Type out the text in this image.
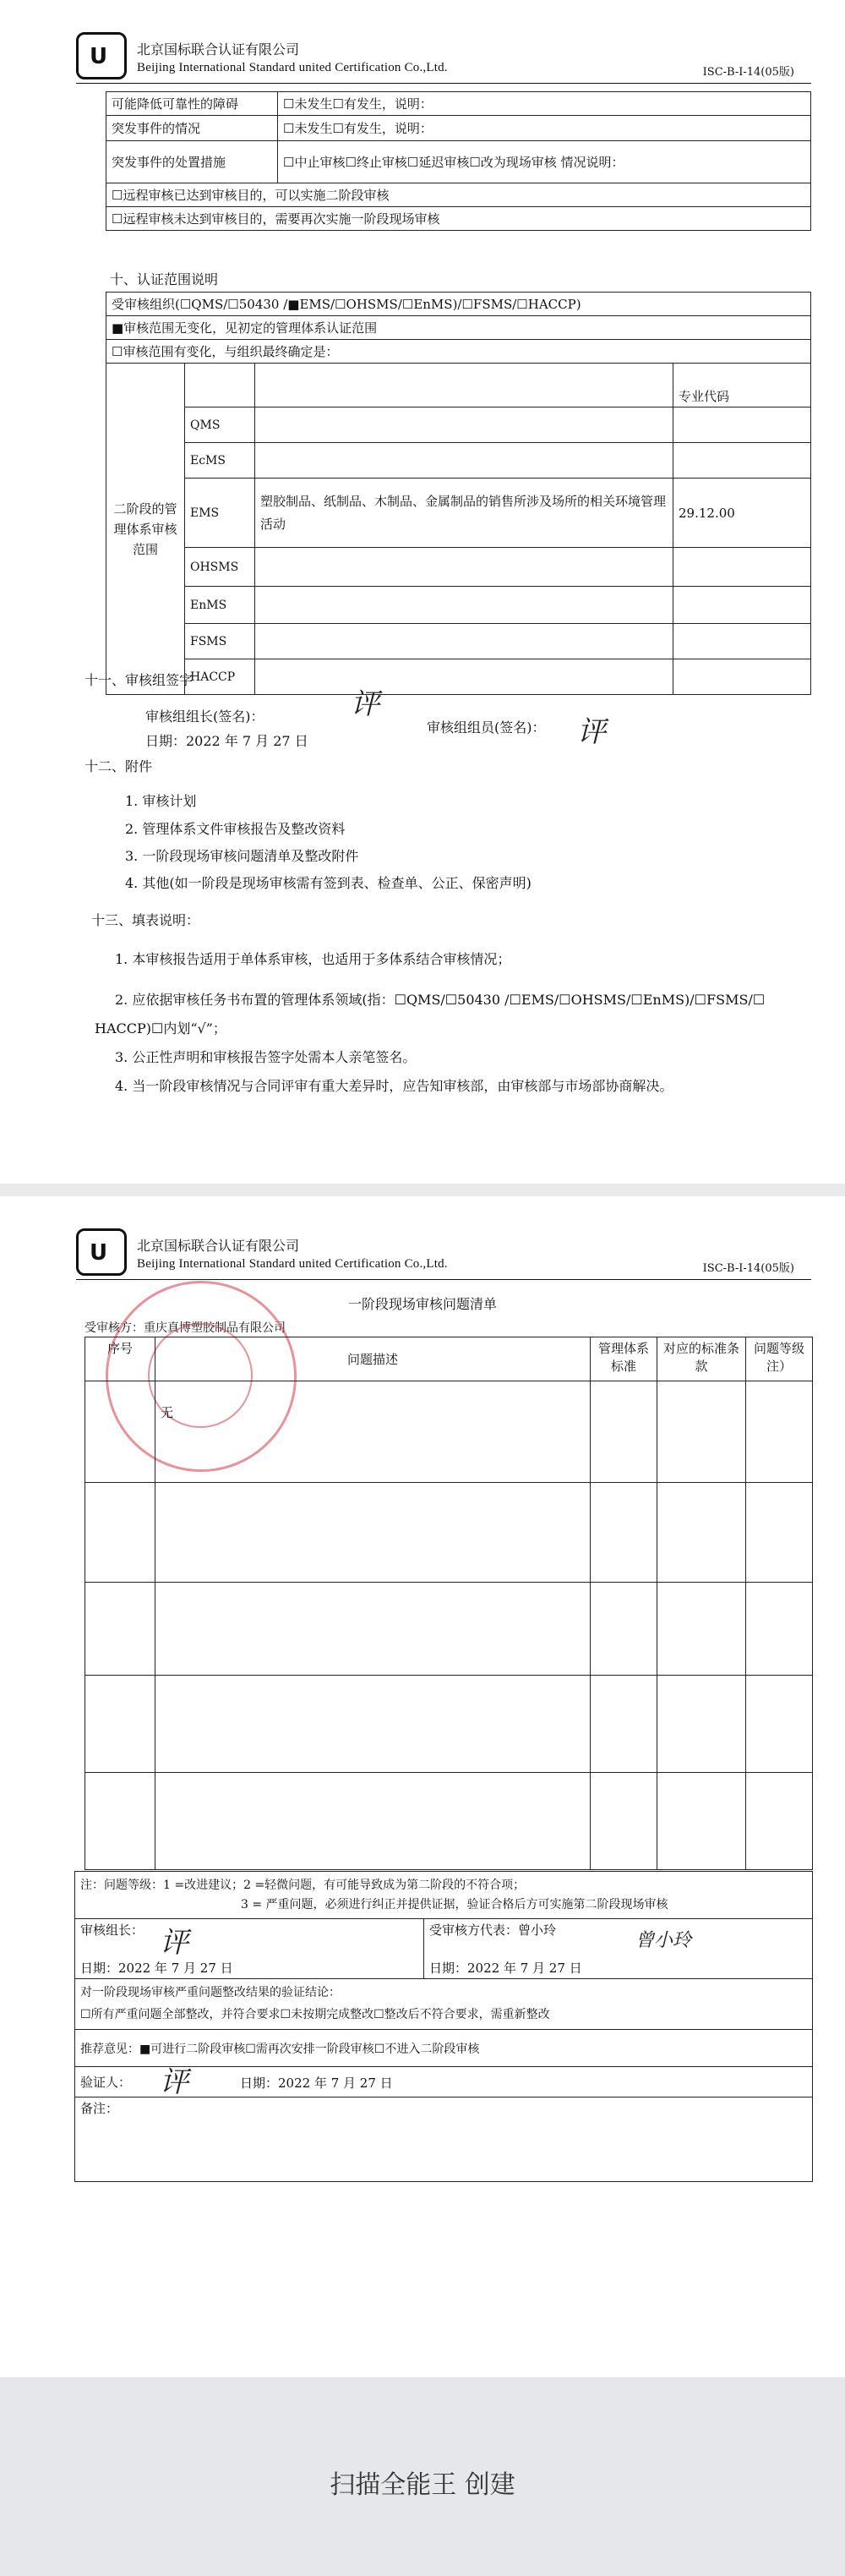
U 北京国标联合认证有限公司
Beijing International Standard united Certification Co.,Ltd.	ISC-B-I-14(05版)
可能降低可靠性的障碍	☐未发生☐有发生，说明：
突发事件的情况	☐未发生☐有发生，说明：
突发事件的处置措施	☐中止审核☐终止审核☐延迟审核☐改为现场审核 情况说明：
☐远程审核已达到审核目的，可以实施二阶段审核	
☐远程审核未达到审核目的，需要再次实施一阶段现场审核	
十、认证范围说明
受审核组织(☐QMS/☐50430 /■EMS/☐OHSMS/☐EnMS)/☐FSMS/☐HACCP)			
■审核范围无变化，见初定的管理体系认证范围			
☐审核范围有变化，与组织最终确定是：			
二阶段的管理体系审核范围			专业代码
	QMS		
	EcMS		
	EMS	塑胶制品、纸制品、木制品、金属制品的销售所涉及场所的相关环境管理活动	29.12.00
	OHSMS		
	EnMS		
	FSMS		
	HACCP		
十一、审核组签字
审核组组长(签名)：	评
日期：2022 年 7 月 27 日
审核组组员(签名)： 评
十二、附件
1. 审核计划
2. 管理体系文件审核报告及整改资料
3. 一阶段现场审核问题清单及整改附件
4. 其他(如一阶段是现场审核需有签到表、检查单、公正、保密声明)
十三、填表说明：
1. 本审核报告适用于单体系审核，也适用于多体系结合审核情况；
2. 应依据审核任务书布置的管理体系领域(指：☐QMS/☐50430 /☐EMS/☐OHSMS/☐EnMS)/☐FSMS/☐
HACCP)☐内划“√”；
3. 公正性声明和审核报告签字处需本人亲笔签名。
4. 当一阶段审核情况与合同评审有重大差异时，应告知审核部，由审核部与市场部协商解决。
U 北京国标联合认证有限公司
Beijing International Standard united Certification Co.,Ltd.	ISC-B-I-14(05版)
一阶段现场审核问题清单
受审核方：重庆真博塑胶制品有限公司
序号	问题描述	管理体系标准	对应的标准条款	问题等级注）
	无			

注：问题等级：1 =改进建议；2 =轻微问题，有可能导致成为第二阶段的不符合项；
3 = 严重问题，必须进行纠正并提供证据，验证合格后方可实施第二阶段现场审核

审核组长： 评
日期：2022 年 7 月 27 日

受审核方代表：曾小玲	曾小玲
日期：2022 年 7 月 27 日

对一阶段现场审核严重问题整改结果的验证结论：
☐所有严重问题全部整改，并符合要求☐未按期完成整改☐整改后不符合要求，需重新整改

推荐意见：■可进行二阶段审核☐需再次安排一阶段审核☐不进入二阶段审核
验证人： 评	日期：2022 年 7 月 27 日

备注：
扫描全能王 创建
